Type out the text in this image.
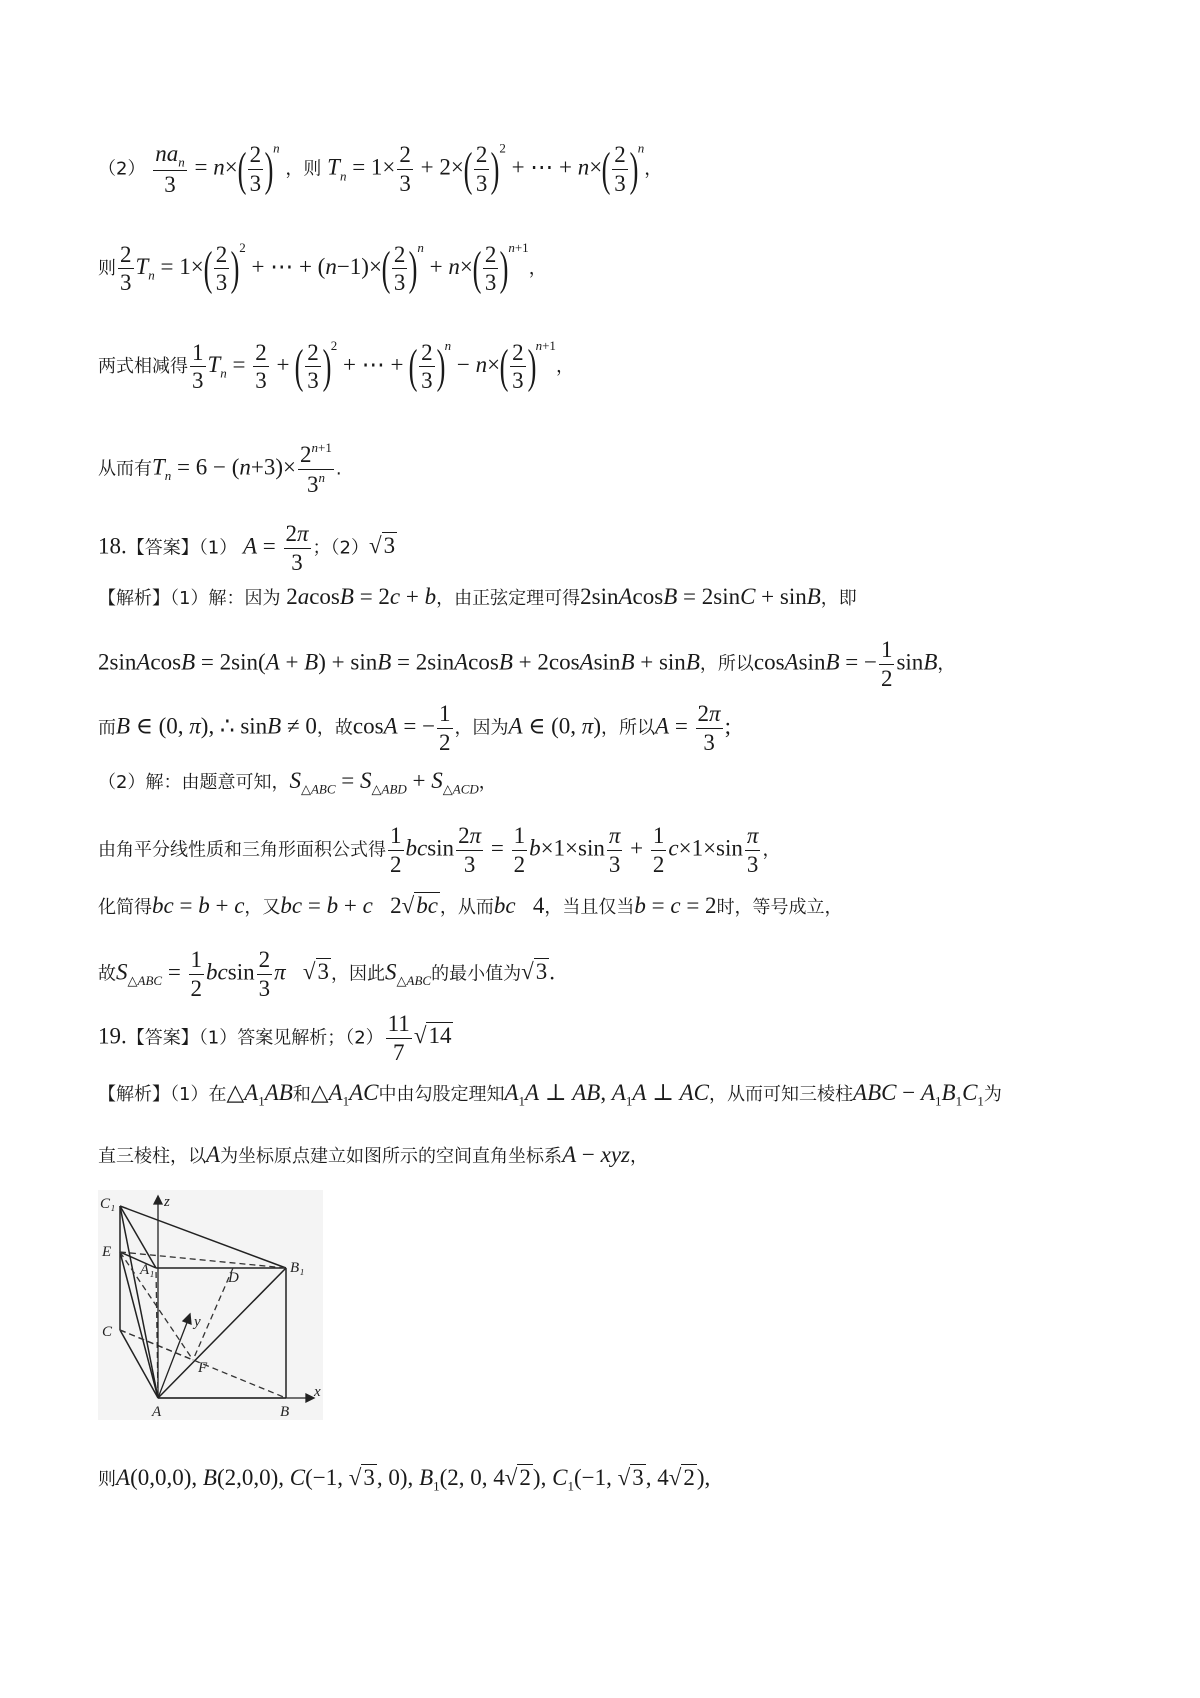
$(2) \frac{na_n}{3} = n\times( \frac{2}{3} )^n$ ，则 $T_n = 1\times \frac{2}{3} + 2\times( \frac{2}{3} )^2$ + ⋯ + $n\times( \frac{2}{3} )^n$，
则 $\frac{2}{3} T_n = 1\times( \frac{2}{3} )^2$ + ⋯ + $(n-1)\times( \frac{2}{3} )^n + n\times( \frac{2}{3} )^{n+1}$，
两式相减得 $\frac{1}{3} T_n = \frac{2}{3}$ + ( $\frac{2}{3} )^2$ + ⋯ + ( $\frac{2}{3} )^n - n\times( \frac{2}{3} )^{n+1}$，
从而有$T_n = 6 - (n+3)\times \frac{2^{n+1}}{3^n}$ .
18.【答案】（1） $A = \frac{2\pi}{3}$ ；（2）√3
【解析】（1）解：因为 2acosB = 2c + b，由正弦定理可得2sinAcosB = 2sinC + sinB，即
2sinAcosB = 2sin(A + B) + sinB = 2sinAcosB + 2cosAsinB + sinB，所以cosAsinB = − $\frac{1}{2}$ sinB，
而B ∈ (0, π), ∴ sinB ≠ 0，故cosA = − $\frac{1}{2}$ ，因为A ∈ (0, π)，所以$A = \frac{2\pi}{3}$ ;
（2）解：由题意可知，$S_{\triangle ABC} = S_{\triangle ABD} + S_{\triangle ACD}$，
由角平分线性质和三角形面积公式得 $\frac{1}{2}$ bcsin $\frac{2\pi}{3} = \frac{1}{2} b\times 1\times\sin \frac{\pi}{3} + \frac{1}{2} c\times 1\times\sin \frac{\pi}{3}$ ，
化简得bc = b + c，又bc = b + c   2√bc ，从而bc   4，当且仅当b = c = 2时，等号成立，
故$S_{\triangle ABC} = \frac{1}{2}$ bcsin $\frac{2}{3}$ π √3 ，因此$S_{\triangle ABC}$的最小值为√3.
19.【答案】（1）答案见解析；$(2) \frac{11}{7} √14$
【解析】（1）在$\triangle A_1AB$和$\triangle A_1AC$中由勾股定理知$A_1A$ ⊥ AB, $A_1A$ ⊥ AC，从而可知三棱柱ABC − $A_1B_1C_1$为
直三棱柱，以A为坐标原点建立如图所示的空间直角坐标系A − xyz，
C₁	z
E
A₁	D
B₁
y
C
F
A	B
x
则A(0,0,0), B(2,0,0), C(−1, √3, 0), $B_1(2$, 0, 4√2), $C_1(-1$, √3, 4√2),
